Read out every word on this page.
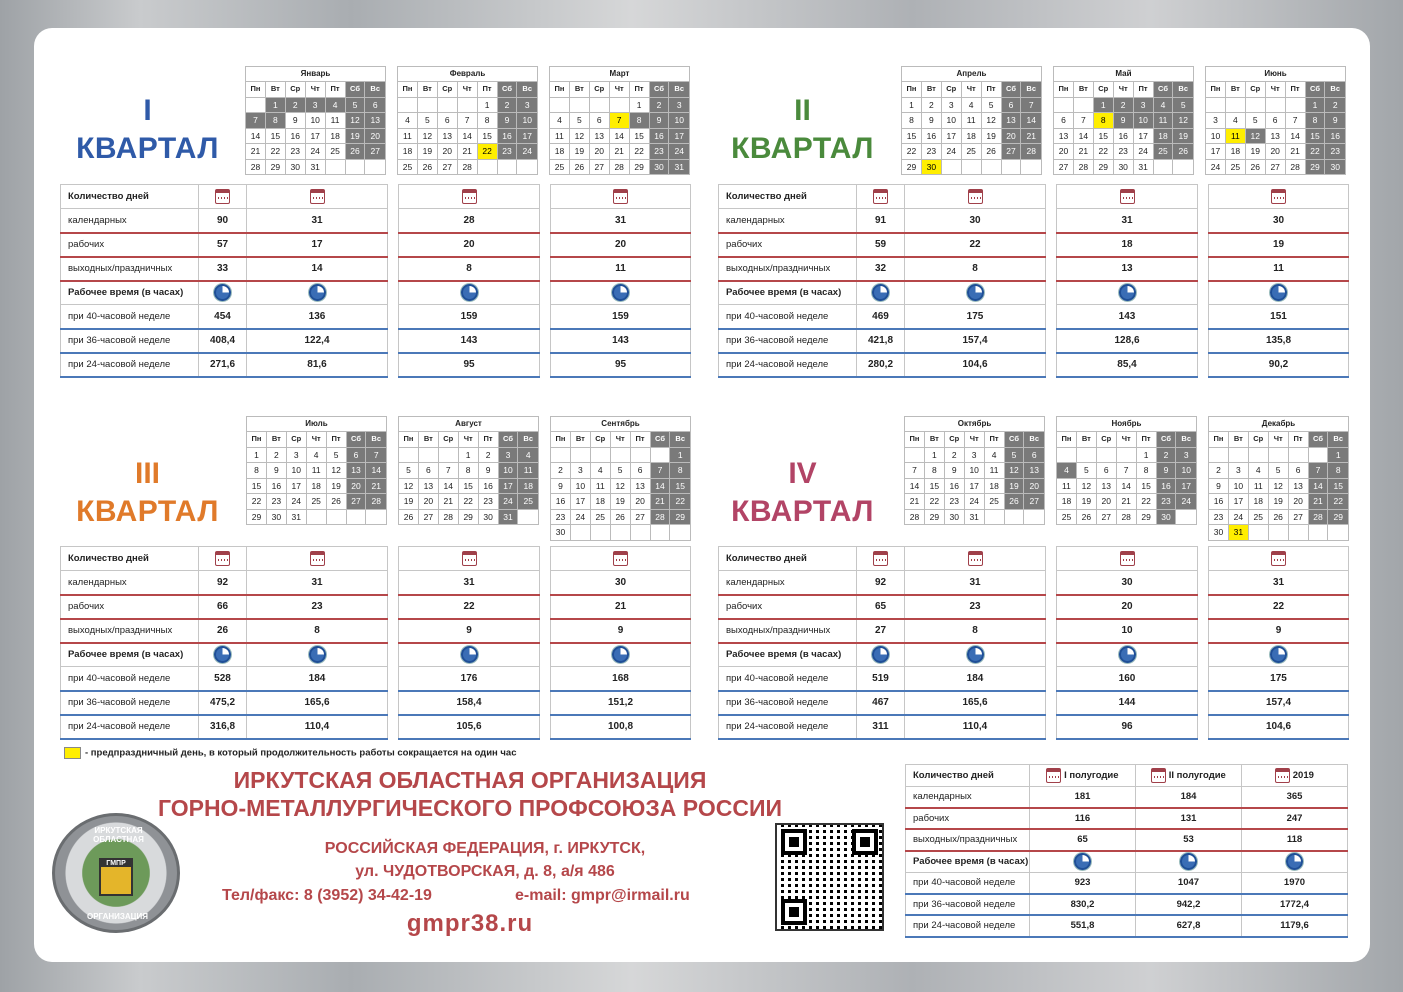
I
КВАРТАЛ
Январь						
Пн	Вт	Ср	Чт	Пт	Сб	Вс
	1	2	3	4	5	6
7	8	9	10	11	12	13
14	15	16	17	18	19	20
21	22	23	24	25	26	27
28	29	30	31			
Февраль						
Пн	Вт	Ср	Чт	Пт	Сб	Вс
				1	2	3
4	5	6	7	8	9	10
11	12	13	14	15	16	17
18	19	20	21	22	23	24
25	26	27	28			
Март						
Пн	Вт	Ср	Чт	Пт	Сб	Вс
				1	2	3
4	5	6	7	8	9	10
11	12	13	14	15	16	17
18	19	20	21	22	23	24
25	26	27	28	29	30	31
Количество дней						
календарных	90	31		28		31
рабочих	57	17		20		20
выходных/праздничных	33	14		8		11
Рабочее время (в часах)						
при 40-часовой неделе	454	136		159		159
при 36-часовой неделе	408,4	122,4		143		143
при 24-часовой неделе	271,6	81,6		95		95
II
КВАРТАЛ
Апрель						
Пн	Вт	Ср	Чт	Пт	Сб	Вс
1	2	3	4	5	6	7
8	9	10	11	12	13	14
15	16	17	18	19	20	21
22	23	24	25	26	27	28
29	30					
Май						
Пн	Вт	Ср	Чт	Пт	Сб	Вс
		1	2	3	4	5
6	7	8	9	10	11	12
13	14	15	16	17	18	19
20	21	22	23	24	25	26
27	28	29	30	31		
Июнь						
Пн	Вт	Ср	Чт	Пт	Сб	Вс
					1	2
3	4	5	6	7	8	9
10	11	12	13	14	15	16
17	18	19	20	21	22	23
24	25	26	27	28	29	30
Количество дней						
календарных	91	30		31		30
рабочих	59	22		18		19
выходных/праздничных	32	8		13		11
Рабочее время (в часах)						
при 40-часовой неделе	469	175		143		151
при 36-часовой неделе	421,8	157,4		128,6		135,8
при 24-часовой неделе	280,2	104,6		85,4		90,2
III
КВАРТАЛ
Июль						
Пн	Вт	Ср	Чт	Пт	Сб	Вс
1	2	3	4	5	6	7
8	9	10	11	12	13	14
15	16	17	18	19	20	21
22	23	24	25	26	27	28
29	30	31				
Август						
Пн	Вт	Ср	Чт	Пт	Сб	Вс
			1	2	3	4
5	6	7	8	9	10	11
12	13	14	15	16	17	18
19	20	21	22	23	24	25
26	27	28	29	30	31	
Сентябрь						
Пн	Вт	Ср	Чт	Пт	Сб	Вс
						1
2	3	4	5	6	7	8
9	10	11	12	13	14	15
16	17	18	19	20	21	22
23	24	25	26	27	28	29
30						
Количество дней						
календарных	92	31		31		30
рабочих	66	23		22		21
выходных/праздничных	26	8		9		9
Рабочее время (в часах)						
при 40-часовой неделе	528	184		176		168
при 36-часовой неделе	475,2	165,6		158,4		151,2
при 24-часовой неделе	316,8	110,4		105,6		100,8
IV
КВАРТАЛ
Октябрь						
Пн	Вт	Ср	Чт	Пт	Сб	Вс
	1	2	3	4	5	6
7	8	9	10	11	12	13
14	15	16	17	18	19	20
21	22	23	24	25	26	27
28	29	30	31			
Ноябрь						
Пн	Вт	Ср	Чт	Пт	Сб	Вс
				1	2	3
4	5	6	7	8	9	10
11	12	13	14	15	16	17
18	19	20	21	22	23	24
25	26	27	28	29	30	
Декабрь						
Пн	Вт	Ср	Чт	Пт	Сб	Вс
						1
2	3	4	5	6	7	8
9	10	11	12	13	14	15
16	17	18	19	20	21	22
23	24	25	26	27	28	29
30	31					
Количество дней						
календарных	92	31		30		31
рабочих	65	23		20		22
выходных/праздничных	27	8		10		9
Рабочее время (в часах)						
при 40-часовой неделе	519	184		160		175
при 36-часовой неделе	467	165,6		144		157,4
при 24-часовой неделе	311	110,4		96		104,6
- предпраздничный день, в который продолжительность работы сокращается на один час
ИРКУТСКАЯ ОБЛАСТНАЯ ОРГАНИЗАЦИЯ
ГОРНО-МЕТАЛЛУРГИЧЕСКОГО ПРОФСОЮЗА РОССИИ
РОССИЙСКАЯ ФЕДЕРАЦИЯ, г. ИРКУТСК,
ул. ЧУДОТВОРСКАЯ, д. 8, а/я 486
Тел/факс: 8 (3952) 34-42-19	e-mail: gmpr@irmail.ru
gmpr38.ru
ИРКУТСКАЯ ОБЛАСТНАЯ
ГМПР
ОРГАНИЗАЦИЯ
Количество дней	I полугодие	II полугодие	2019
календарных	181	184	365
рабочих	116	131	247
выходных/праздничных	65	53	118
Рабочее время (в часах)			
при 40-часовой неделе	923	1047	1970
при 36-часовой неделе	830,2	942,2	1772,4
при 24-часовой неделе	551,8	627,8	1179,6
